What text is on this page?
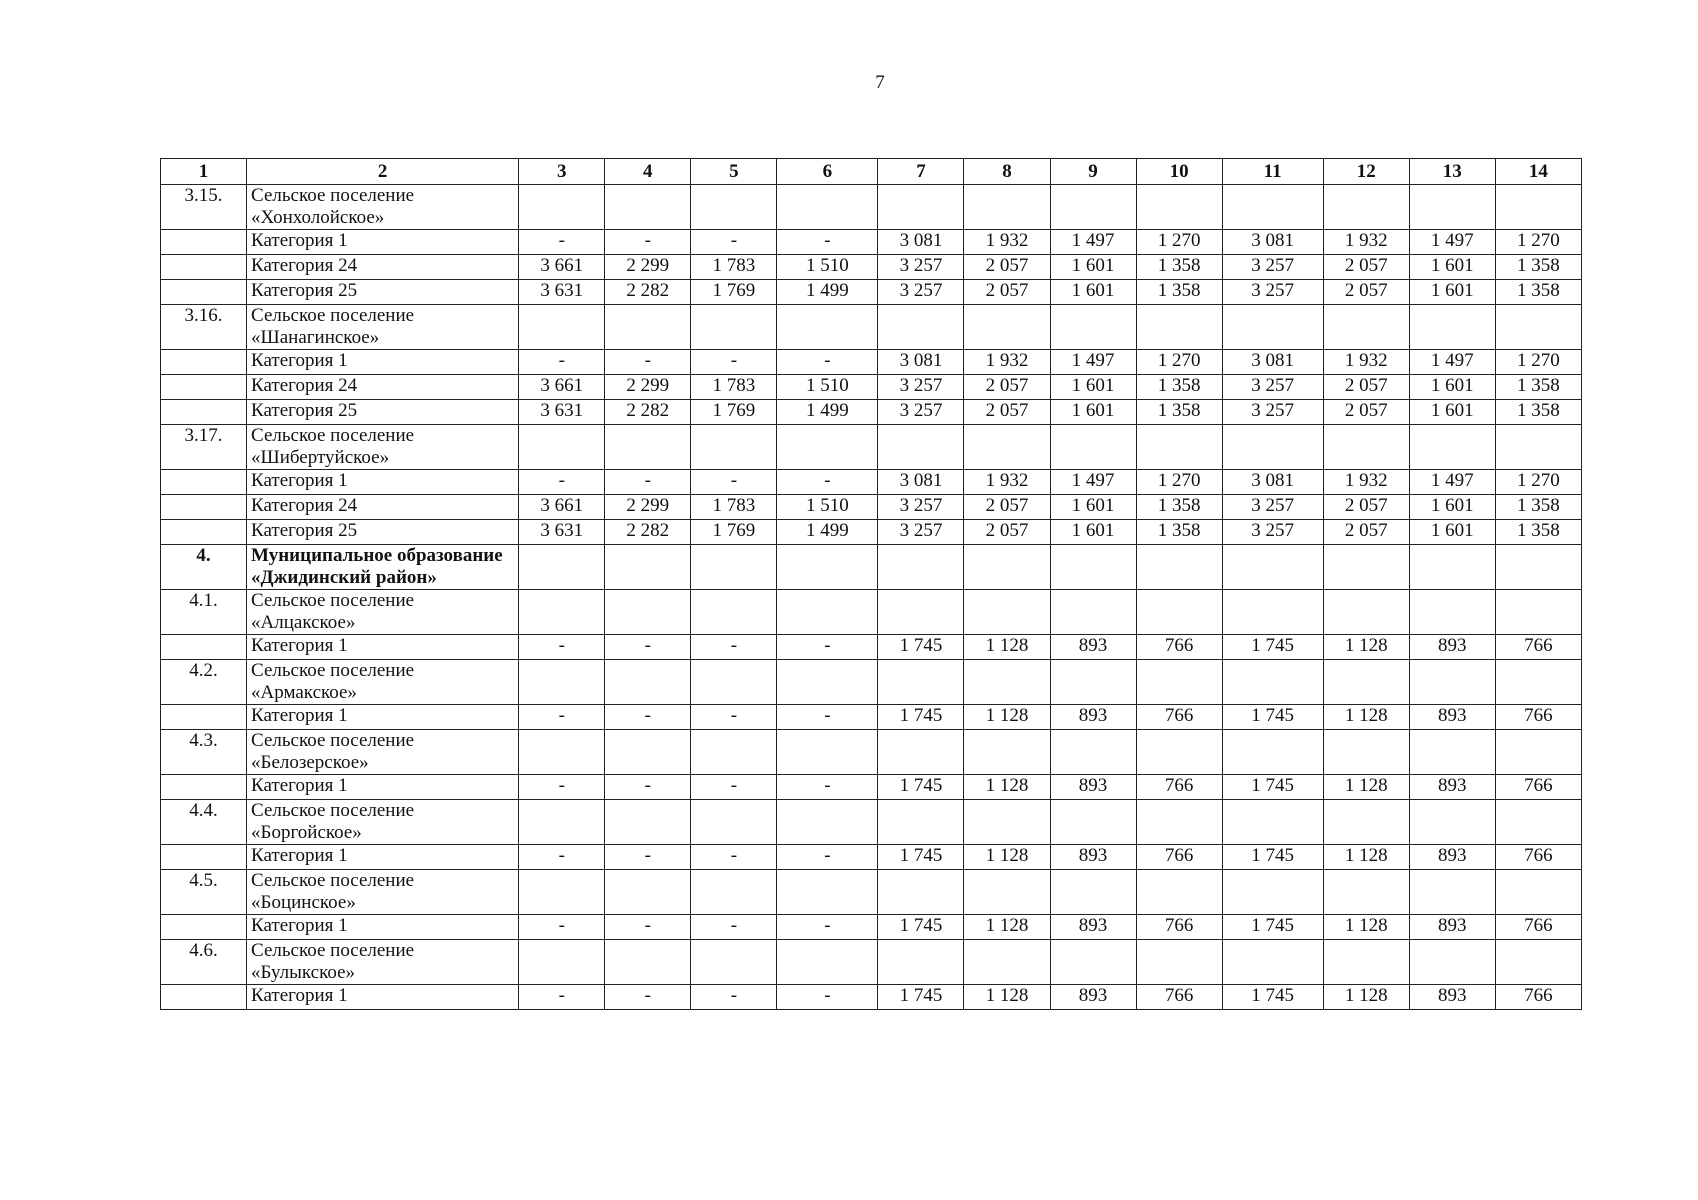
7
1	2	3	4	5	6	7	8	9	10	11	12	13	14
3.15.	Сельское поселение «Хонхолойское»												
	Категория 1	-	-	-	-	3 081	1 932	1 497	1 270	3 081	1 932	1 497	1 270
	Категория 24	3 661	2 299	1 783	1 510	3 257	2 057	1 601	1 358	3 257	2 057	1 601	1 358
	Категория 25	3 631	2 282	1 769	1 499	3 257	2 057	1 601	1 358	3 257	2 057	1 601	1 358
3.16.	Сельское поселение «Шанагинское»												
	Категория 1	-	-	-	-	3 081	1 932	1 497	1 270	3 081	1 932	1 497	1 270
	Категория 24	3 661	2 299	1 783	1 510	3 257	2 057	1 601	1 358	3 257	2 057	1 601	1 358
	Категория 25	3 631	2 282	1 769	1 499	3 257	2 057	1 601	1 358	3 257	2 057	1 601	1 358
3.17.	Сельское поселение «Шибертуйское»												
	Категория 1	-	-	-	-	3 081	1 932	1 497	1 270	3 081	1 932	1 497	1 270
	Категория 24	3 661	2 299	1 783	1 510	3 257	2 057	1 601	1 358	3 257	2 057	1 601	1 358
	Категория 25	3 631	2 282	1 769	1 499	3 257	2 057	1 601	1 358	3 257	2 057	1 601	1 358
4.	Муниципальное образование «Джидинский район»												
4.1.	Сельское поселение «Алцакское»												
	Категория 1	-	-	-	-	1 745	1 128	893	766	1 745	1 128	893	766
4.2.	Сельское поселение «Армакское»												
	Категория 1	-	-	-	-	1 745	1 128	893	766	1 745	1 128	893	766
4.3.	Сельское поселение «Белозерское»												
	Категория 1	-	-	-	-	1 745	1 128	893	766	1 745	1 128	893	766
4.4.	Сельское поселение «Боргойское»												
	Категория 1	-	-	-	-	1 745	1 128	893	766	1 745	1 128	893	766
4.5.	Сельское поселение «Боцинское»												
	Категория 1	-	-	-	-	1 745	1 128	893	766	1 745	1 128	893	766
4.6.	Сельское поселение «Булыкское»												
	Категория 1	-	-	-	-	1 745	1 128	893	766	1 745	1 128	893	766
